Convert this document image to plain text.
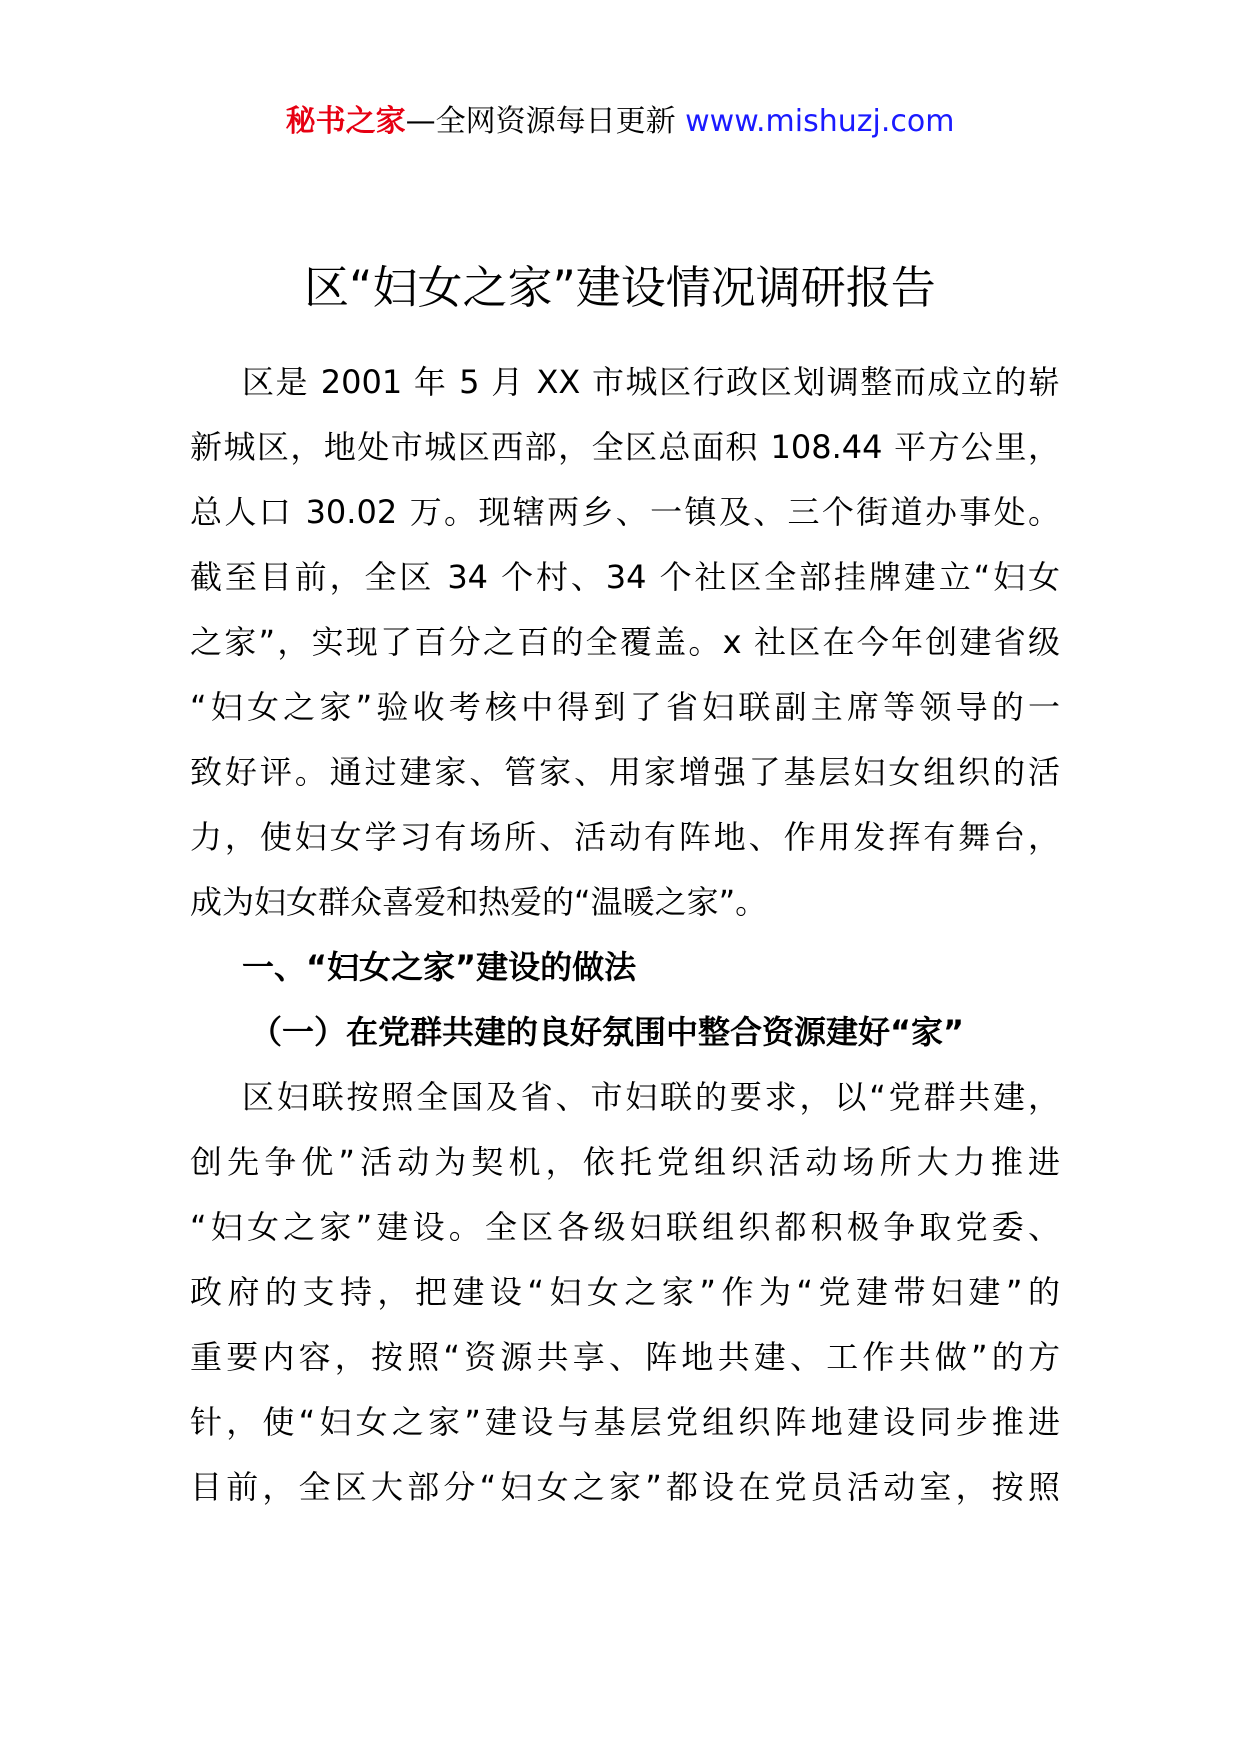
秘书之家—全网资源每日更新 www.mishuzj.com
区“妇女之家”建设情况调研报告
区是 2001 年 5 月 XX 市城区行政区划调整而成立的崭
新城区，地处市城区西部，全区总面积 108.44 平方公里，
总人口 30.02 万。现辖两乡、一镇及、三个街道办事处。
截至目前，全区 34 个村、34 个社区全部挂牌建立“妇女
之家”，实现了百分之百的全覆盖。x 社区在今年创建省级
“妇女之家”验收考核中得到了省妇联副主席等领导的一
致好评。通过建家、管家、用家增强了基层妇女组织的活
力，使妇女学习有场所、活动有阵地、作用发挥有舞台，
成为妇女群众喜爱和热爱的“温暖之家”。
一、“妇女之家”建设的做法
（一）在党群共建的良好氛围中整合资源建好“家”
区妇联按照全国及省、市妇联的要求，以“党群共建，
创先争优”活动为契机，依托党组织活动场所大力推进
“妇女之家”建设。全区各级妇联组织都积极争取党委、
政府的支持，把建设“妇女之家”作为“党建带妇建”的
重要内容，按照“资源共享、阵地共建、工作共做”的方
针，使“妇女之家”建设与基层党组织阵地建设同步推进
目前，全区大部分“妇女之家”都设在党员活动室，按照
